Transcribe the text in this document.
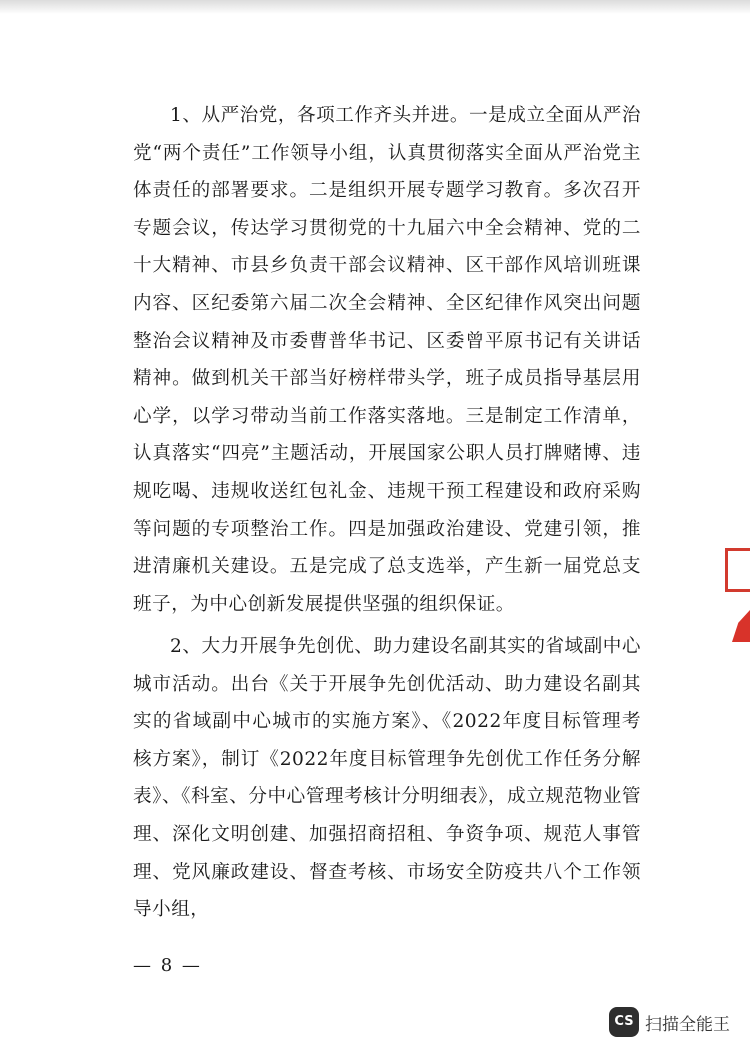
1、从严治党，各项工作齐头并进。一是成立全面从严治党“两个责任”工作领导小组，认真贯彻落实全面从严治党主体责任的部署要求。二是组织开展专题学习教育。多次召开专题会议，传达学习贯彻党的十九届六中全会精神、党的二十大精神、市县乡负责干部会议精神、区干部作风培训班课内容、区纪委第六届二次全会精神、全区纪律作风突出问题整治会议精神及市委曹普华书记、区委曾平原书记有关讲话精神。做到机关干部当好榜样带头学，班子成员指导基层用心学，以学习带动当前工作落实落地。三是制定工作清单，认真落实“四亮”主题活动，开展国家公职人员打牌赌博、违规吃喝、违规收送红包礼金、违规干预工程建设和政府采购等问题的专项整治工作。四是加强政治建设、党建引领，推进清廉机关建设。五是完成了总支选举，产生新一届党总支班子，为中心创新发展提供坚强的组织保证。

2、大力开展争先创优、助力建设名副其实的省域副中心城市活动。出台《关于开展争先创优活动、助力建设名副其实的省域副中心城市的实施方案》、《2022年度目标管理考核方案》，制订《2022年度目标管理争先创优工作任务分解表》、《科室、分中心管理考核计分明细表》，成立规范物业管理、深化文明创建、加强招商招租、争资争项、规范人事管理、党风廉政建设、督查考核、市场安全防疫共八个工作领导小组，

— 8 —
CS 扫描全能王
